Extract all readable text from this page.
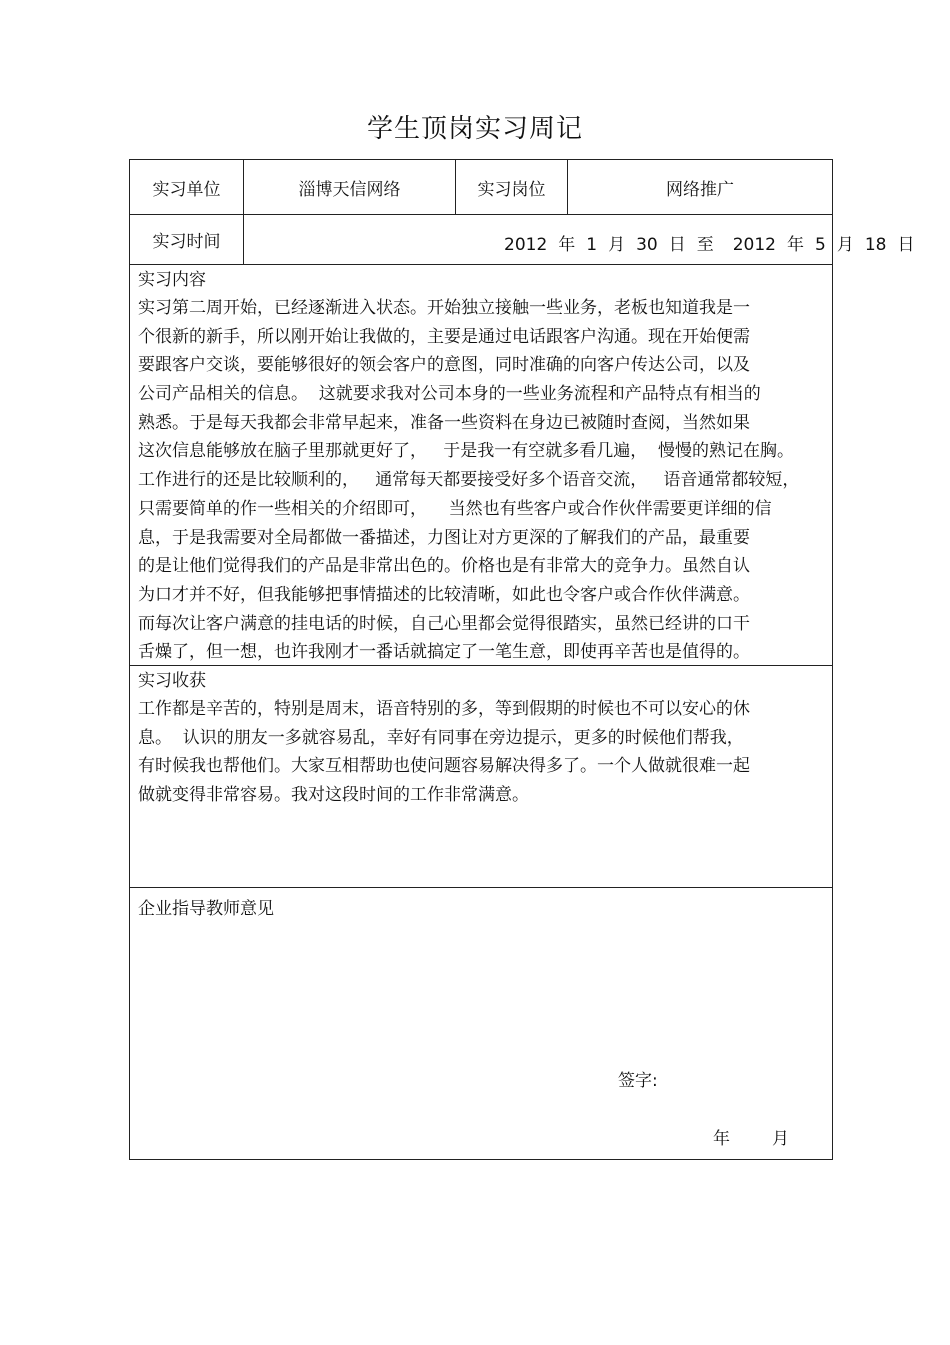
学生顶岗实习周记
实习单位	淄博天信网络	实习岗位	网络推广
实习时间	2012 年 1 月 30 日 至 2012 年 5 月 18 日
实习内容
实习第二周开始，已经逐渐进入状态。开始独立接触一些业务，老板也知道我是一
个很新的新手，所以刚开始让我做的，主要是通过电话跟客户沟通。现在开始便需
要跟客户交谈，要能够很好的领会客户的意图，同时准确的向客户传达公司，以及
公司产品相关的信息。  这就要求我对公司本身的一些业务流程和产品特点有相当的
熟悉。于是每天我都会非常早起来，准备一些资料在身边已被随时查阅，当然如果
这次信息能够放在脑子里那就更好了，   于是我一有空就多看几遍，  慢慢的熟记在胸。
工作进行的还是比较顺利的，   通常每天都要接受好多个语音交流，   语音通常都较短，
只需要简单的作一些相关的介绍即可，    当然也有些客户或合作伙伴需要更详细的信
息，于是我需要对全局都做一番描述，力图让对方更深的了解我们的产品，最重要
的是让他们觉得我们的产品是非常出色的。价格也是有非常大的竞争力。虽然自认
为口才并不好，但我能够把事情描述的比较清晰，如此也令客户或合作伙伴满意。
而每次让客户满意的挂电话的时候，自己心里都会觉得很踏实，虽然已经讲的口干
舌燥了，但一想，也许我刚才一番话就搞定了一笔生意，即使再辛苦也是值得的。
实习收获
工作都是辛苦的，特别是周末，语音特别的多，等到假期的时候也不可以安心的休
息。  认识的朋友一多就容易乱，幸好有同事在旁边提示，更多的时候他们帮我，
有时候我也帮他们。大家互相帮助也使问题容易解决得多了。一个人做就很难一起
做就变得非常容易。我对这段时间的工作非常满意。
企业指导教师意见
签字:
年 月
